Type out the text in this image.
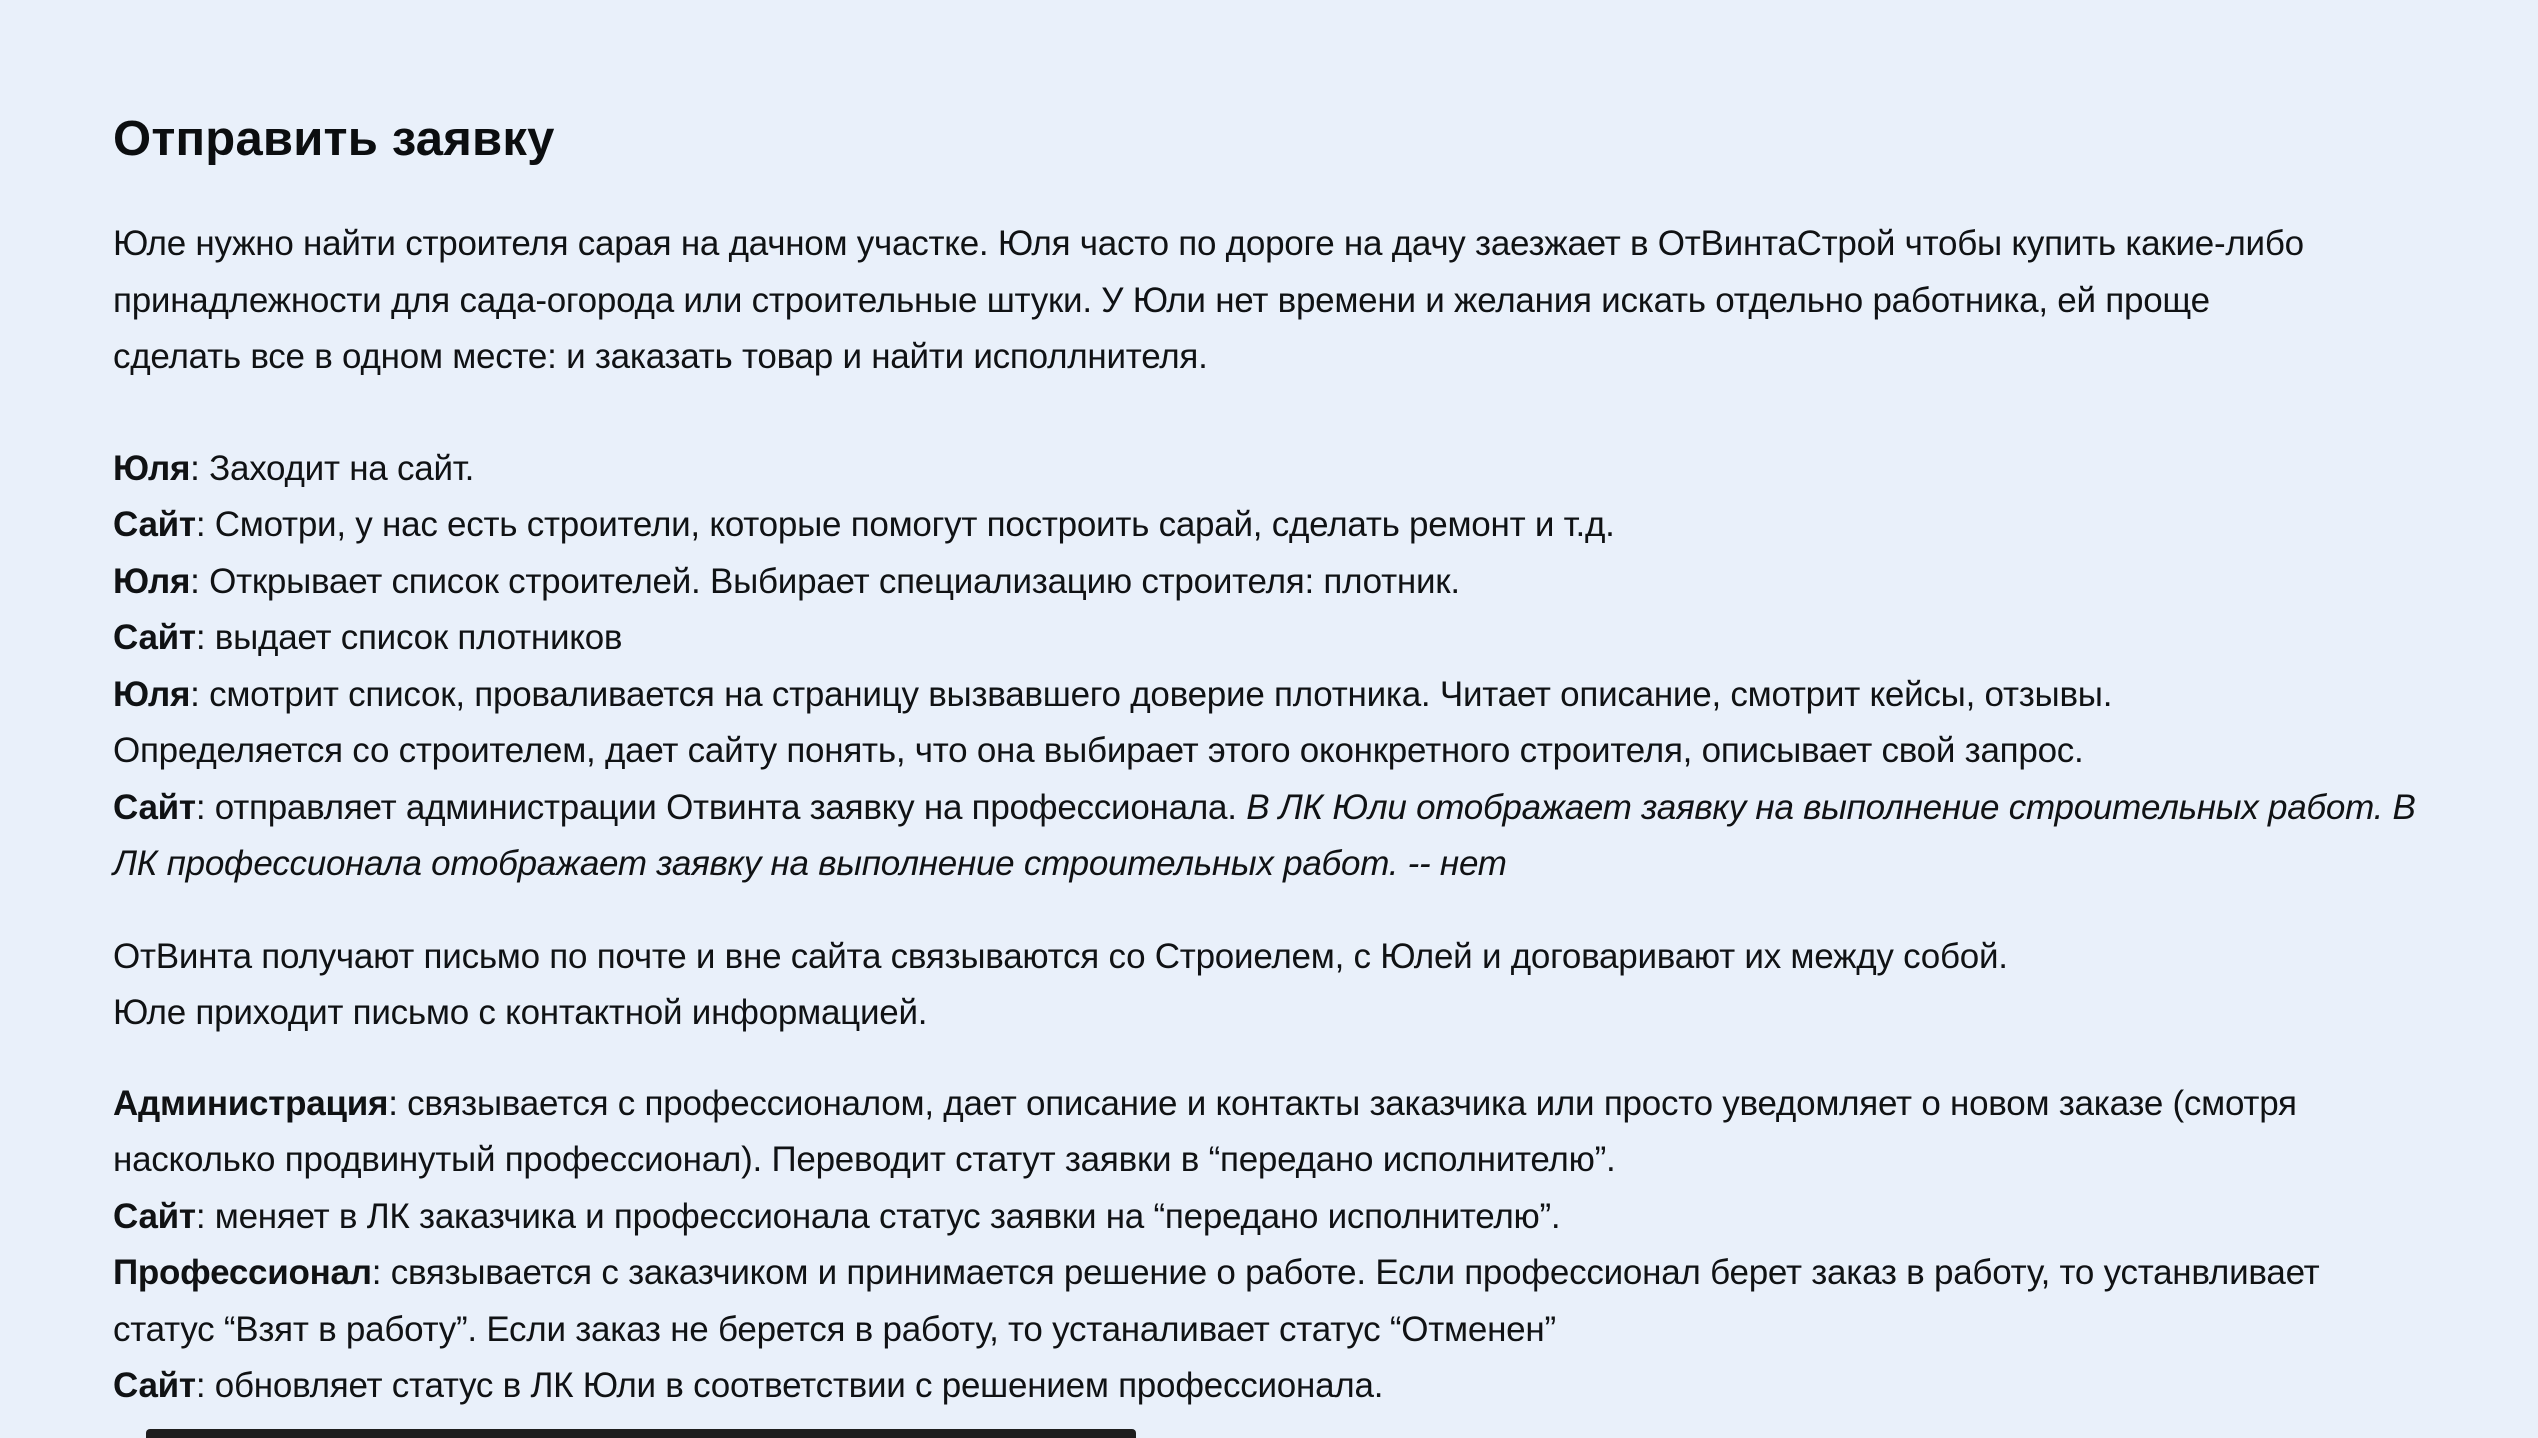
Отправить заявку
Юле нужно найти строителя сарая на дачном участке. Юля часто по дороге на дачу заезжает в ОтВинтаСтрой чтобы купить какие-либо
принадлежности для сада-огорода или строительные штуки. У Юли нет времени и желания искать отдельно работника, ей проще
сделать все в одном месте: и заказать товар и найти исполлнителя.
Юля: Заходит на сайт.
Сайт: Смотри, у нас есть строители, которые помогут построить сарай, сделать ремонт и т.д.
Юля: Открывает список строителей. Выбирает специализацию строителя: плотник.
Сайт: выдает список плотников
Юля: смотрит список, проваливается на страницу вызвавшего доверие плотника. Читает описание, смотрит кейсы, отзывы.
Определяется со строителем, дает сайту понять, что она выбирает этого оконкретного строителя, описывает свой запрос.
Сайт: отправляет администрации Отвинта заявку на профессионала. В ЛК Юли отображает заявку на выполнение строительных работ. В
ЛК профессионала отображает заявку на выполнение строительных работ. -- нет
ОтВинта получают письмо по почте и вне сайта связываются со Строиелем, с Юлей и договаривают их между собой.
Юле приходит письмо с контактной информацией.
Администрация: связывается с профессионалом, дает описание и контакты заказчика или просто уведомляет о новом заказе (смотря
насколько продвинутый профессионал). Переводит статут заявки в “передано исполнителю”.
Сайт: меняет в ЛК заказчика и профессионала статус заявки на “передано исполнителю”.
Профессионал: связывается с заказчиком и принимается решение о работе. Если профессионал берет заказ в работу, то устанвливает
статус “Взят в работу”. Если заказ не берется в работу, то устаналивает статус “Отменен”
Сайт: обновляет статус в ЛК Юли в соответствии с решением профессионала.
